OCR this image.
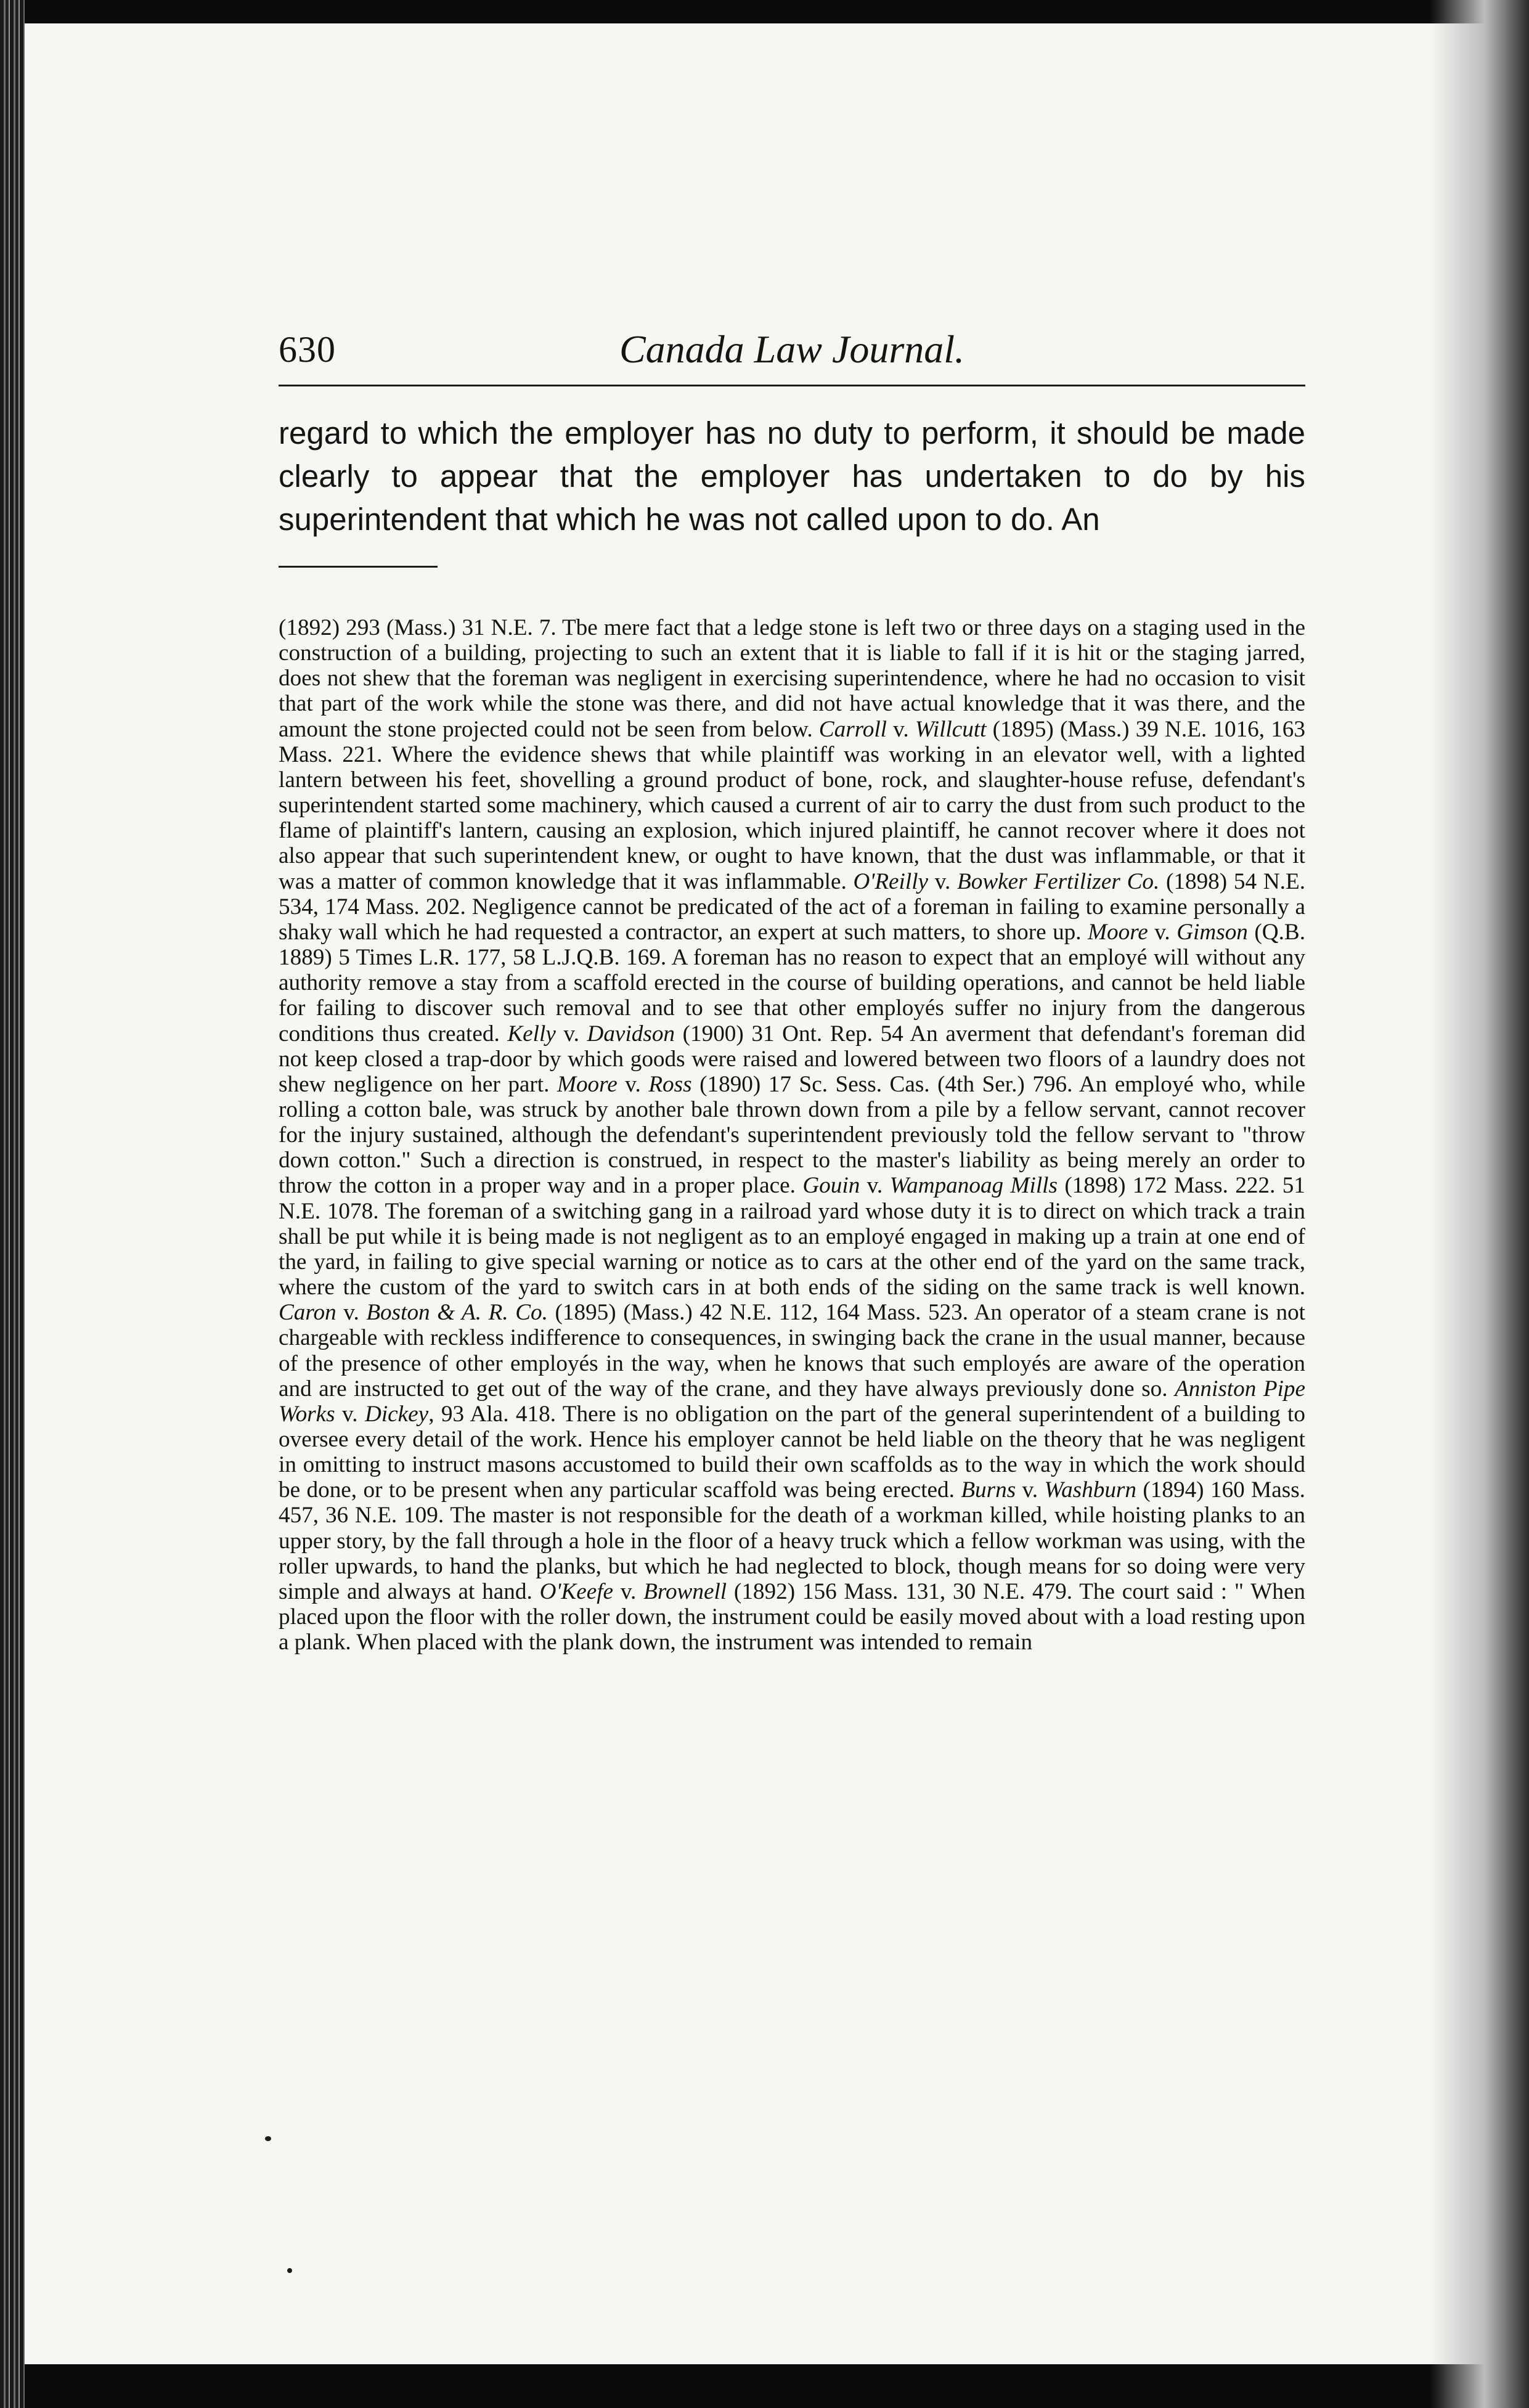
630	Canada Law Journal.

regard to which the employer has no duty to perform, it should be made clearly to appear that the employer has undertaken to do by his superintendent that which he was not called upon to do. An

(1892) 293 (Mass.) 31 N.E. 7. Tbe mere fact that a ledge stone is left two or three days on a staging used in the construction of a building, projecting to such an extent that it is liable to fall if it is hit or the staging jarred, does not shew that the foreman was negligent in exercising superintendence, where he had no occasion to visit that part of the work while the stone was there, and did not have actual knowledge that it was there, and the amount the stone projected could not be seen from below. Carroll v. Willcutt (1895) (Mass.) 39 N.E. 1016, 163 Mass. 221. Where the evidence shews that while plaintiff was working in an elevator well, with a lighted lantern between his feet, shovelling a ground product of bone, rock, and slaughter-house refuse, defendant's superintendent started some machinery, which caused a current of air to carry the dust from such product to the flame of plaintiff's lantern, causing an explosion, which injured plaintiff, he cannot recover where it does not also appear that such superintendent knew, or ought to have known, that the dust was inflammable, or that it was a matter of common knowledge that it was inflammable. O'Reilly v. Bowker Fertilizer Co. (1898) 54 N.E. 534, 174 Mass. 202. Negligence cannot be predicated of the act of a foreman in failing to examine personally a shaky wall which he had requested a contractor, an expert at such matters, to shore up. Moore v. Gimson (Q.B. 1889) 5 Times L.R. 177, 58 L.J.Q.B. 169. A foreman has no reason to expect that an employé will without any authority remove a stay from a scaffold erected in the course of building operations, and cannot be held liable for failing to discover such removal and to see that other employés suffer no injury from the dangerous conditions thus created. Kelly v. Davidson (1900) 31 Ont. Rep. 54 An averment that defendant's foreman did not keep closed a trap-door by which goods were raised and lowered between two floors of a laundry does not shew negligence on her part. Moore v. Ross (1890) 17 Sc. Sess. Cas. (4th Ser.) 796. An employé who, while rolling a cotton bale, was struck by another bale thrown down from a pile by a fellow servant, cannot recover for the injury sustained, although the defendant's superintendent previously told the fellow servant to "throw down cotton." Such a direction is construed, in respect to the master's liability as being merely an order to throw the cotton in a proper way and in a proper place. Gouin v. Wampanoag Mills (1898) 172 Mass. 222. 51 N.E. 1078. The foreman of a switching gang in a railroad yard whose duty it is to direct on which track a train shall be put while it is being made is not negligent as to an employé engaged in making up a train at one end of the yard, in failing to give special warning or notice as to cars at the other end of the yard on the same track, where the custom of the yard to switch cars in at both ends of the siding on the same track is well known. Caron v. Boston & A. R. Co. (1895) (Mass.) 42 N.E. 112, 164 Mass. 523. An operator of a steam crane is not chargeable with reckless indifference to consequences, in swinging back the crane in the usual manner, because of the presence of other employés in the way, when he knows that such employés are aware of the operation and are instructed to get out of the way of the crane, and they have always previously done so. Anniston Pipe Works v. Dickey, 93 Ala. 418. There is no obligation on the part of the general superintendent of a building to oversee every detail of the work. Hence his employer cannot be held liable on the theory that he was negligent in omitting to instruct masons accustomed to build their own scaffolds as to the way in which the work should be done, or to be present when any particular scaffold was being erected. Burns v. Washburn (1894) 160 Mass. 457, 36 N.E. 109. The master is not responsible for the death of a workman killed, while hoisting planks to an upper story, by the fall through a hole in the floor of a heavy truck which a fellow workman was using, with the roller upwards, to hand the planks, but which he had neglected to block, though means for so doing were very simple and always at hand. O'Keefe v. Brownell (1892) 156 Mass. 131, 30 N.E. 479. The court said : " When placed upon the floor with the roller down, the instrument could be easily moved about with a load resting upon a plank. When placed with the plank down, the instrument was intended to remain
